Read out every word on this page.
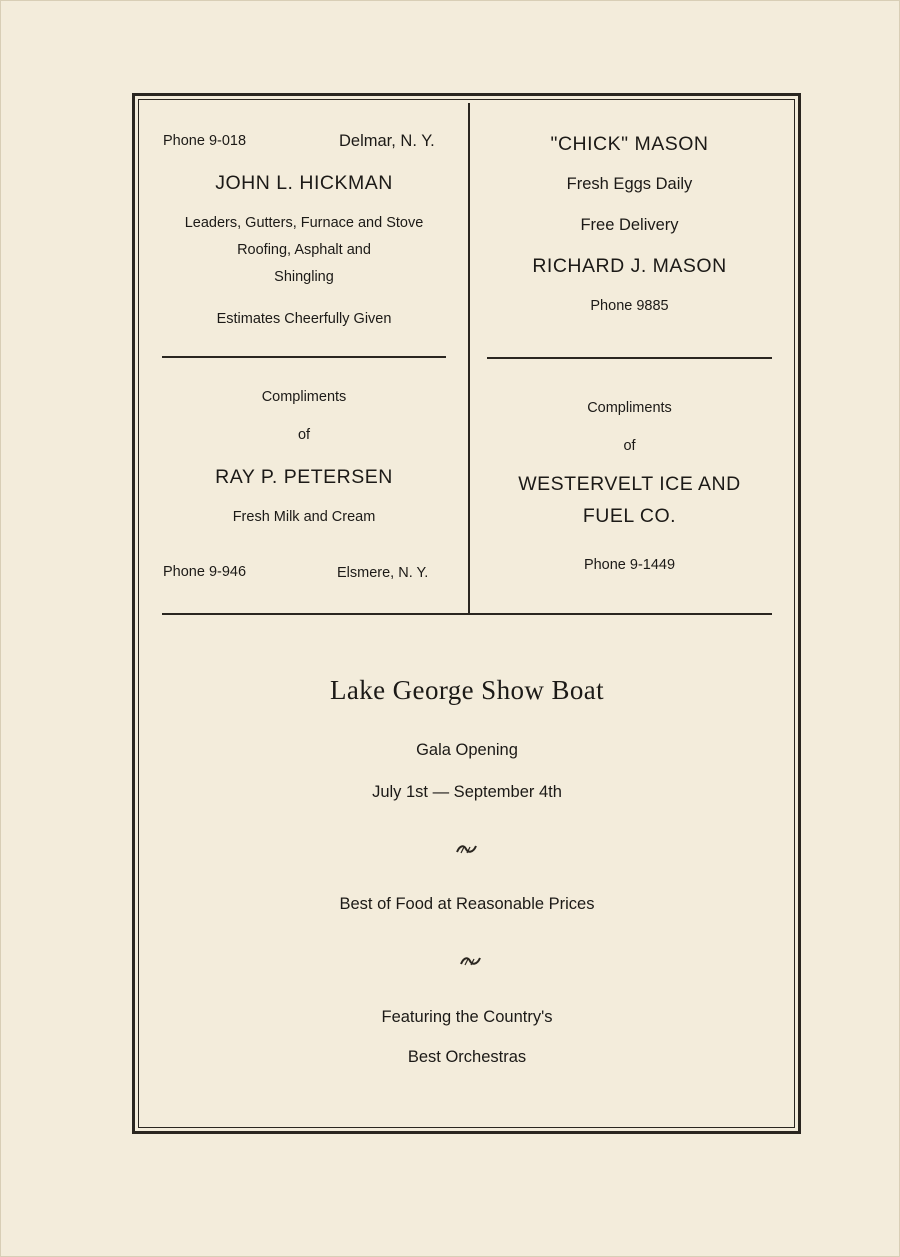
Phone 9-018	Delmar, N. Y.
JOHN L. HICKMAN
Leaders, Gutters, Furnace and Stove
Roofing, Asphalt and
Shingling
Estimates Cheerfully Given
"CHICK" MASON
Fresh Eggs Daily
Free Delivery
RICHARD J. MASON
Phone 9885
Compliments
of
RAY P. PETERSEN
Fresh Milk and Cream
Phone 9-946	Elsmere, N. Y.
Compliments
of
WESTERVELT ICE AND
FUEL CO.
Phone 9-1449
Lake George Show Boat
Gala Opening
July 1st — September 4th
Best of Food at Reasonable Prices
Featuring the Country's
Best Orchestras
